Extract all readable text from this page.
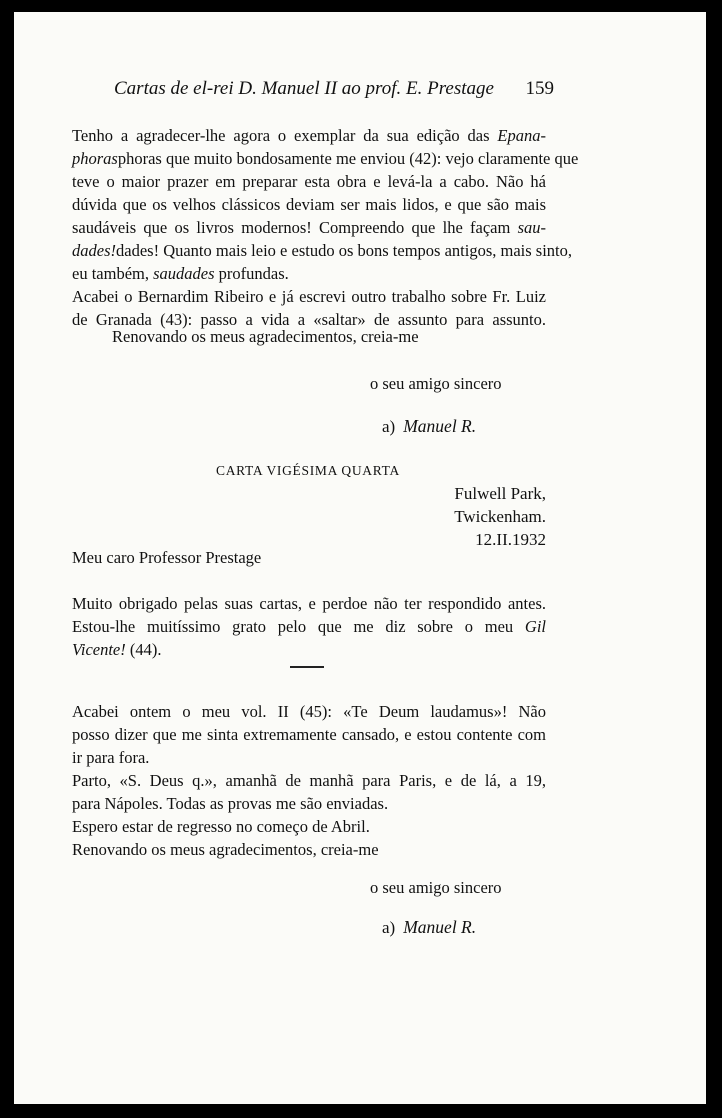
Cartas de el-rei D. Manuel II ao prof. E. Prestage 159
Tenho a agradecer-lhe agora o exemplar da sua edição das Epana-
phorasphoras que muito bondosamente me enviou (42): vejo claramente que
teve o maior prazer em preparar esta obra e levá-la a cabo. Não há
dúvida que os velhos clássicos deviam ser mais lidos, e que são mais
saudáveis que os livros modernos! Compreendo que lhe façam sau-
dades!dades! Quanto mais leio e estudo os bons tempos antigos, mais sinto,
eu também, saudades profundas.
Acabei o Bernardim Ribeiro e já escrevi outro trabalho sobre Fr. Luiz
de Granada (43): passo a vida a «saltar» de assunto para assunto.
Renovando os meus agradecimentos, creia-me
o seu amigo sincero
a) Manuel R.
CARTA VIGÉSIMA QUARTA
Fulwell Park,
Twickenham.
12.II.1932
Meu caro Professor Prestage
Muito obrigado pelas suas cartas, e perdoe não ter respondido antes.
Estou-lhe muitíssimo grato pelo que me diz sobre o meu Gil
Vicente! (44).
Acabei ontem o meu vol. II (45): «Te Deum laudamus»! Não
posso dizer que me sinta extremamente cansado, e estou contente com
ir para fora.
Parto, «S. Deus q.», amanhã de manhã para Paris, e de lá, a 19,
para Nápoles. Todas as provas me são enviadas.
Espero estar de regresso no começo de Abril.
Renovando os meus agradecimentos, creia-me
o seu amigo sincero
a) Manuel R.
